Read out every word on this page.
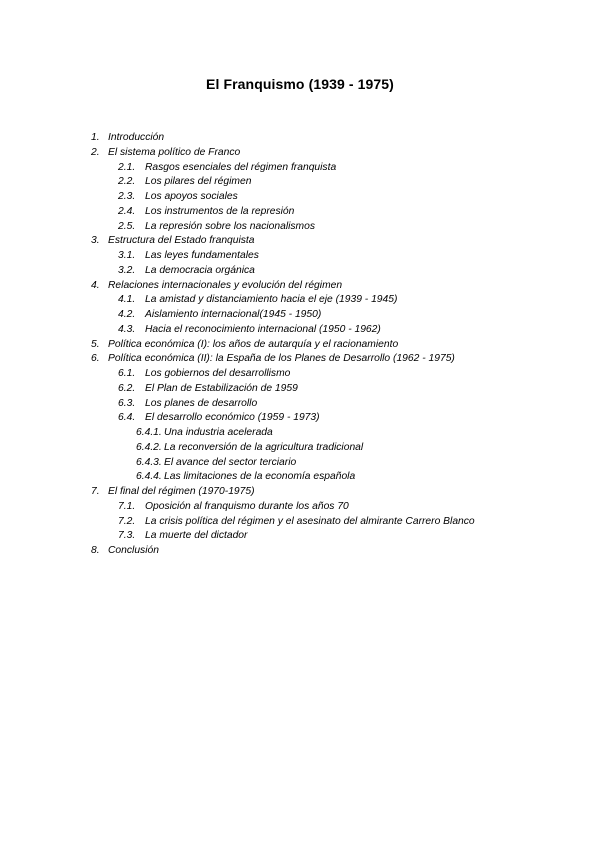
El Franquismo (1939 - 1975)
1. Introducción
2. El sistema político de Franco
2.1. Rasgos esenciales del régimen franquista
2.2. Los pilares del régimen
2.3. Los apoyos sociales
2.4. Los instrumentos de la represión
2.5. La represión sobre los nacionalismos
3. Estructura del Estado franquista
3.1. Las leyes fundamentales
3.2. La democracia orgánica
4. Relaciones internacionales y evolución del régimen
4.1. La amistad y distanciamiento hacia el eje (1939 - 1945)
4.2. Aislamiento internacional(1945 - 1950)
4.3. Hacia el reconocimiento internacional (1950 - 1962)
5. Política económica (I): los años de autarquía y el racionamiento
6. Política económica (II): la España de los Planes de Desarrollo (1962 - 1975)
6.1. Los gobiernos del desarrollismo
6.2. El Plan de Estabilización de 1959
6.3. Los planes de desarrollo
6.4. El desarrollo económico (1959 - 1973)
6.4.1. Una industria acelerada
6.4.2. La reconversión de la agricultura tradicional
6.4.3. El avance del sector terciario
6.4.4. Las limitaciones de la economía española
7. El final del régimen (1970-1975)
7.1. Oposición al franquismo durante los años 70
7.2. La crisis política del régimen y el asesinato del almirante Carrero Blanco
7.3. La muerte del dictador
8. Conclusión
